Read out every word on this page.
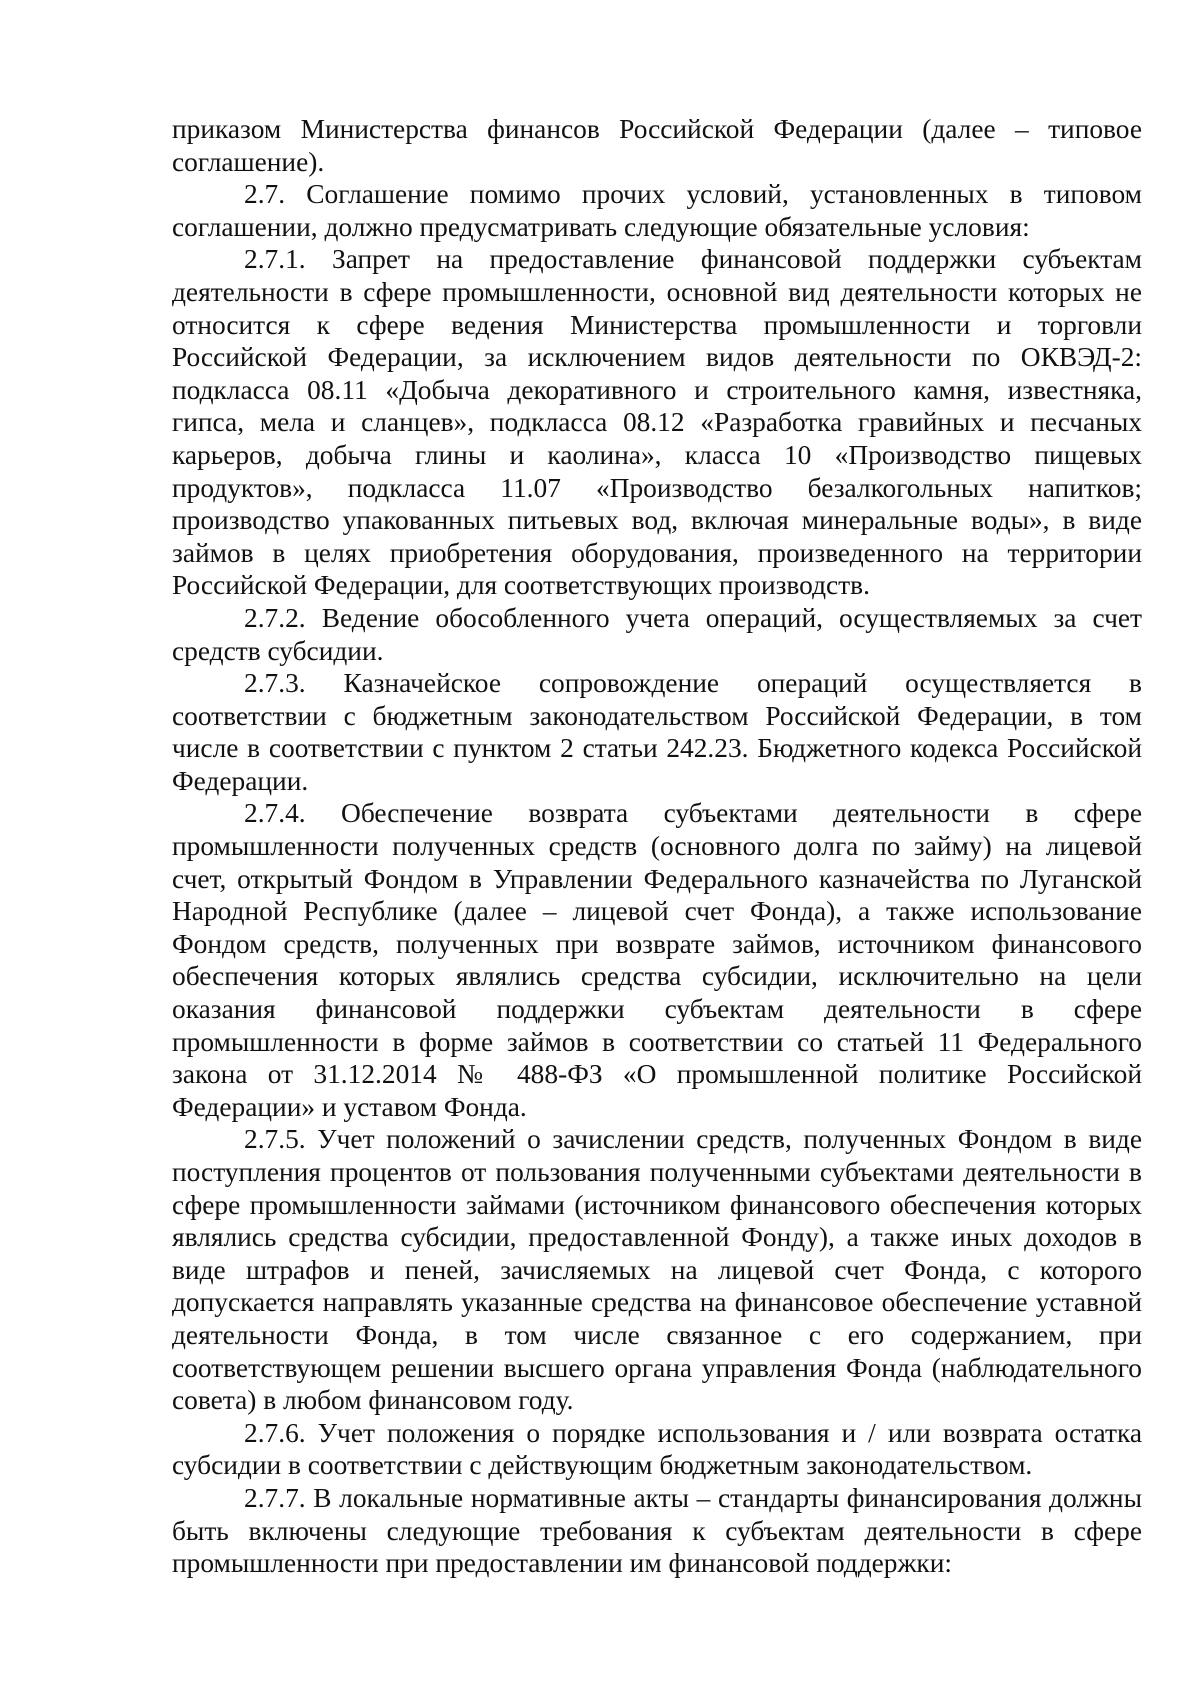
приказом Министерства финансов Российской Федерации (далее – типовое соглашение).

2.7. Соглашение помимо прочих условий, установленных в типовом соглашении, должно предусматривать следующие обязательные условия:

2.7.1. Запрет на предоставление финансовой поддержки субъектам деятельности в сфере промышленности, основной вид деятельности которых не относится к сфере ведения Министерства промышленности и торговли Российской Федерации, за исключением видов деятельности по ОКВЭД-2: подкласса 08.11 «Добыча декоративного и строительного камня, известняка, гипса, мела и сланцев», подкласса 08.12 «Разработка гравийных и песчаных карьеров, добыча глины и каолина», класса 10 «Производство пищевых продуктов», подкласса 11.07 «Производство безалкогольных напитков; производство упакованных питьевых вод, включая минеральные воды», в виде займов в целях приобретения оборудования, произведенного на территории Российской Федерации, для соответствующих производств.

2.7.2. Ведение обособленного учета операций, осуществляемых за счет средств субсидии.

2.7.3. Казначейское сопровождение операций осуществляется в соответствии с бюджетным законодательством Российской Федерации, в том числе в соответствии с пунктом 2 статьи 242.23. Бюджетного кодекса Российской Федерации.

2.7.4. Обеспечение возврата субъектами деятельности в сфере промышленности полученных средств (основного долга по займу) на лицевой счет, открытый Фондом в Управлении Федерального казначейства по Луганской Народной Республике (далее – лицевой счет Фонда), а также использование Фондом средств, полученных при возврате займов, источником финансового обеспечения которых являлись средства субсидии, исключительно на цели оказания финансовой поддержки субъектам деятельности в сфере промышленности в форме займов в соответствии со статьей 11 Федерального закона от 31.12.2014 № 488-ФЗ «О промышленной политике Российской Федерации» и уставом Фонда.

2.7.5. Учет положений о зачислении средств, полученных Фондом в виде поступления процентов от пользования полученными субъектами деятельности в сфере промышленности займами (источником финансового обеспечения которых являлись средства субсидии, предоставленной Фонду), а также иных доходов в виде штрафов и пеней, зачисляемых на лицевой счет Фонда, с которого допускается направлять указанные средства на финансовое обеспечение уставной деятельности Фонда, в том числе связанное с его содержанием, при соответствующем решении высшего органа управления Фонда (наблюдательного совета) в любом финансовом году.

2.7.6. Учет положения о порядке использования и / или возврата остатка субсидии в соответствии с действующим бюджетным законодательством.

2.7.7. В локальные нормативные акты – стандарты финансирования должны быть включены следующие требования к субъектам деятельности в сфере промышленности при предоставлении им финансовой поддержки:
